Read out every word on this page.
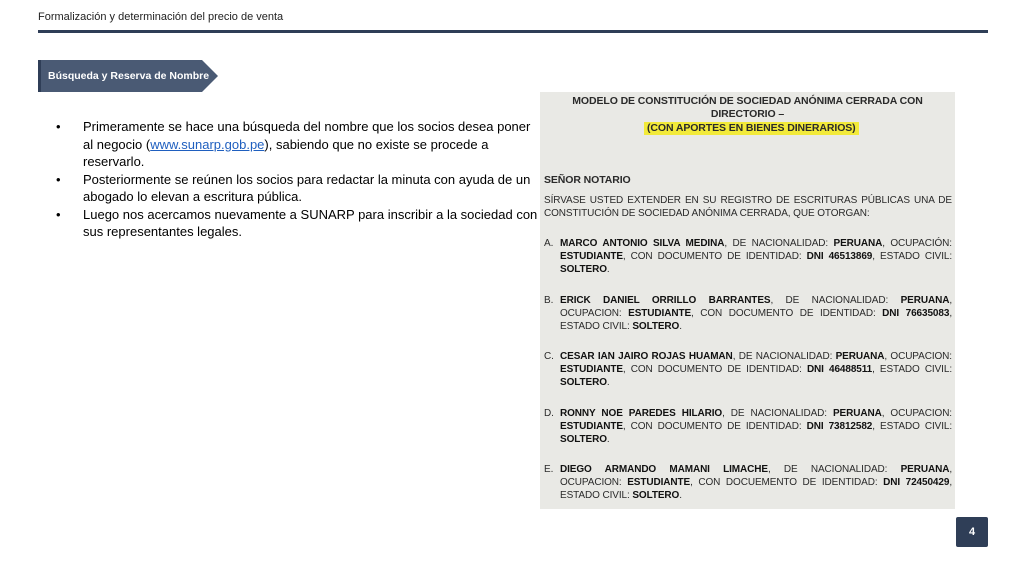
Formalización y determinación del precio de venta
Búsqueda y Reserva de Nombre
• Primeramente se hace una búsqueda del nombre que los socios desea poner al negocio (www.sunarp.gob.pe), sabiendo que no existe se procede a reservarlo.
• Posteriormente se reúnen los socios para redactar la minuta con ayuda de un abogado lo elevan a escritura pública.
• Luego nos acercamos nuevamente a SUNARP para inscribir a la sociedad con sus representantes legales.
MODELO DE CONSTITUCIÓN DE SOCIEDAD ANÓNIMA CERRADA CON
DIRECTORIO –
(CON APORTES EN BIENES DINERARIOS)
SEÑOR NOTARIO
SÍRVASE USTED EXTENDER EN SU REGISTRO DE ESCRITURAS PÚBLICAS UNA DE CONSTITUCIÓN DE SOCIEDAD ANÓNIMA CERRADA, QUE OTORGAN:
A. MARCO ANTONIO SILVA MEDINA, DE NACIONALIDAD: PERUANA, OCUPACIÓN: ESTUDIANTE, CON DOCUMENTO DE IDENTIDAD: DNI 46513869, ESTADO CIVIL: SOLTERO.
B. ERICK DANIEL ORRILLO BARRANTES, DE NACIONALIDAD: PERUANA, OCUPACION: ESTUDIANTE, CON DOCUMENTO DE IDENTIDAD: DNI 76635083, ESTADO CIVIL: SOLTERO.
C. CESAR IAN JAIRO ROJAS HUAMAN, DE NACIONALIDAD: PERUANA, OCUPACION: ESTUDIANTE, CON DOCUMENTO DE IDENTIDAD: DNI 46488511, ESTADO CIVIL: SOLTERO.
D. RONNY NOE PAREDES HILARIO, DE NACIONALIDAD: PERUANA, OCUPACION: ESTUDIANTE, CON DOCUMENTO DE IDENTIDAD: DNI 73812582, ESTADO CIVIL: SOLTERO.
E. DIEGO ARMANDO MAMANI LIMACHE, DE NACIONALIDAD: PERUANA, OCUPACION: ESTUDIANTE, CON DOCUEMENTO DE IDENTIDAD: DNI 72450429, ESTADO CIVIL: SOLTERO.
4
